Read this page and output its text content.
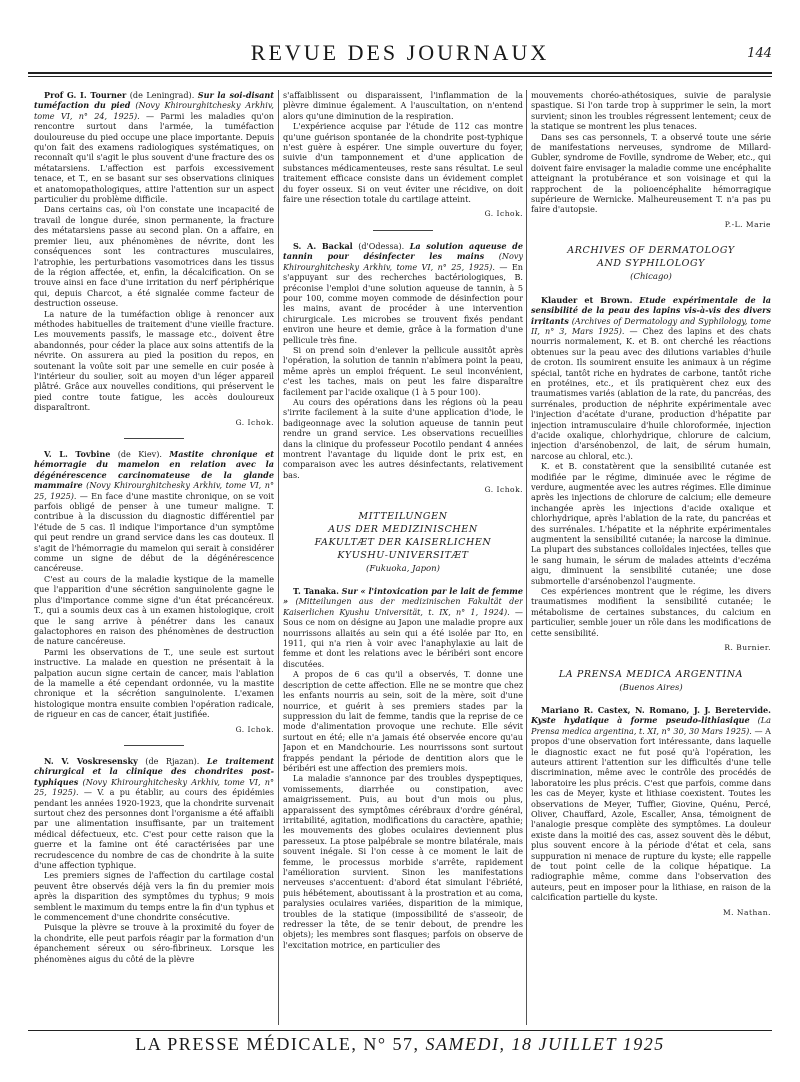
REVUE DES JOURNAUX	144

Prof G. I. Tourner (de Leningrad). Sur la soi-disant tuméfaction du pied (Novy Khirourghitchesky Arkhiv, tome VI, n° 24, 1925). — Parmi les maladies qu'on rencontre surtout dans l'armée, la tuméfaction douloureuse du pied occupe une place importante. Depuis qu'on fait des examens radiologiques systématiques, on reconnaît qu'il s'agit le plus souvent d'une fracture des os métatarsiens. L'affection est parfois excessivement tenace, et T., en se basant sur ses observations cliniques et anatomopathologiques, attire l'attention sur un aspect particulier du problème difficile.

Dans certains cas, où l'on constate une incapacité de travail de longue durée, sinon permanente, la fracture des métatarsiens passe au second plan. On a affaire, en premier lieu, aux phénomènes de névrite, dont les conséquences sont les contractures musculaires, l'atrophie, les perturbations vasomotrices dans les tissus de la région affectée, et, enfin, la décalcification. On se trouve ainsi en face d'une irritation du nerf périphérique qui, depuis Charcot, a été signalée comme facteur de destruction osseuse.

La nature de la tuméfaction oblige à renoncer aux méthodes habituelles de traitement d'une vieille fracture. Les mouvements passifs, le massage etc., doivent être abandonnés, pour céder la place aux soins attentifs de la névrite. On assurera au pied la position du repos, en soutenant la voûte soit par une semelle en cuir posée à l'intérieur du soulier, soit au moyen d'un léger appareil plâtré. Grâce aux nouvelles conditions, qui préservent le pied contre toute fatigue, les accès douloureux disparaîtront.

G. Ichok.

V. L. Tovbine (de Kiev). Mastite chronique et hémorragie du mamelon en relation avec la dégénérescence carcinomateuse de la glande mammaire (Novy Khirourghitchesky Arkhiv, tome VI, n° 25, 1925). — En face d'une mastite chronique, on se voit parfois obligé de penser à une tumeur maligne. T. contribue à la discussion du diagnostic différentiel par l'étude de 5 cas. Il indique l'importance d'un symptôme qui peut rendre un grand service dans les cas douteux. Il s'agit de l'hémorragie du mamelon qui serait à considérer comme un signe de début de la dégénérescence cancéreuse.

C'est au cours de la maladie kystique de la mamelle que l'apparition d'une sécrétion sanguinolente gagne le plus d'importance comme signe d'un état précancéreux. T., qui a soumis deux cas à un examen histologique, croit que le sang arrive à pénétrer dans les canaux galactophores en raison des phénomènes de destruction de nature cancéreuse.

Parmi les observations de T., une seule est surtout instructive. La malade en question ne présentait à la palpation aucun signe certain de cancer, mais l'ablation de la mamelle a été cependant ordonnée, vu la mastite chronique et la sécrétion sanguinolente. L'examen histologique montra ensuite combien l'opération radicale, de rigueur en cas de cancer, était justifiée.

G. Ichok.

N. V. Voskresensky (de Rjazan). Le traitement chirurgical et la clinique des chondrites post-typhiques (Novy Khirourghitchesky Arkhiv, tome VI, n° 25, 1925). — V. a pu établir, au cours des épidémies pendant les années 1920-1923, que la chondrite survenait surtout chez des personnes dont l'organisme a été affaibli par une alimentation insuffisante, par un traitement médical défectueux, etc. C'est pour cette raison que la guerre et la famine ont été caractérisées par une recrudescence du nombre de cas de chondrite à la suite d'une affection typhique.

Les premiers signes de l'affection du cartilage costal peuvent être observés déjà vers la fin du premier mois après la disparition des symptômes du typhus; 9 mois semblent le maximum du temps entre la fin d'un typhus et le commencement d'une chondrite consécutive.

Puisque la plèvre se trouve à la proximité du foyer de la chondrite, elle peut parfois réagir par la formation d'un épanchement séreux ou séro-fibrineux. Lorsque les phénomènes aigus du côté de la plèvre

s'affaiblissent ou disparaissent, l'inflammation de la plèvre diminue également. A l'auscultation, on n'entend alors qu'une diminution de la respiration.

L'expérience acquise par l'étude de 112 cas montre qu'une guérison spontanée de la chondrite post-typhique n'est guère à espérer. Une simple ouverture du foyer, suivie d'un tamponnement et d'une application de substances médicamenteuses, reste sans résultat. Le seul traitement efficace consiste dans un évidement complet du foyer osseux. Si on veut éviter une récidive, on doit faire une résection totale du cartilage atteint.

G. Ichok.

S. A. Backal (d'Odessa). La solution aqueuse de tannin pour désinfecter les mains (Novy Khirourghitchesky Arkhiv, tome VI, n° 25, 1925). — En s'appuyant sur des recherches bactériologiques, B. préconise l'emploi d'une solution aqueuse de tannin, à 5 pour 100, comme moyen commode de désinfection pour les mains, avant de procéder à une intervention chirurgicale. Les microbes se trouvent fixés pendant environ une heure et demie, grâce à la formation d'une pellicule très fine.

Si on prend soin d'enlever la pellicule aussitôt après l'opération, la solution de tannin n'abîmera point la peau, même après un emploi fréquent. Le seul inconvénient, c'est les taches, mais on peut les faire disparaître facilement par l'acide oxalique (1 à 5 pour 100).

Au cours des opérations dans les régions où la peau s'irrite facilement à la suite d'une application d'iode, le badigeonnage avec la solution aqueuse de tannin peut rendre un grand service. Les observations recueillies dans la clinique du professeur Pocotilo pendant 4 années montrent l'avantage du liquide dont le prix est, en comparaison avec les autres désinfectants, relativement bas.

G. Ichok.

MITTEILUNGEN
AUS DER MEDIZINISCHEN
FAKULTÆT DER KAISERLICHEN
KYUSHU-UNIVERSITÆT
(Fukuoka, Japon)

T. Tanaka. Sur « l'intoxication par le lait de femme » (Mitteilungen aus der medizinischen Fakultät der Kaiserlichen Kyushu Universität, t. IX, n° 1, 1924). — Sous ce nom on désigne au Japon une maladie propre aux nourrissons allaités au sein qui a été isolée par Ito, en 1911, qui n'a rien à voir avec l'anaphylaxie au lait de femme et dont les relations avec le béribéri sont encore discutées.

A propos de 6 cas qu'il a observés, T. donne une description de cette affection. Elle ne se montre que chez les enfants nourris au sein, soit de la mère, soit d'une nourrice, et guérit à ses premiers stades par la suppression du lait de femme, tandis que la reprise de ce mode d'alimentation provoque une rechute. Elle sévit surtout en été; elle n'a jamais été observée encore qu'au Japon et en Mandchourie. Les nourrissons sont surtout frappés pendant la période de dentition alors que le béribéri est une affection des premiers mois.

La maladie s'annonce par des troubles dyspeptiques, vomissements, diarrhée ou constipation, avec amaigrissement. Puis, au bout d'un mois ou plus, apparaissent des symptômes cérébraux d'ordre général, irritabilité, agitation, modifications du caractère, apathie; les mouvements des globes oculaires deviennent plus paresseux. La ptose palpébrale se montre bilatérale, mais souvent inégale. Si l'on cesse à ce moment le lait de femme, le processus morbide s'arrête, rapidement l'amélioration survient. Sinon les manifestations nerveuses s'accentuent: d'abord état simulant l'ébriété, puis hébétement, aboutissant à la prostration et au coma, paralysies oculaires variées, disparition de la mimique, troubles de la statique (impossibilité de s'asseoir, de redresser la tête, de se tenir debout, de prendre les objets); les membres sont flasques; parfois on observe de l'excitation motrice, en particulier des

mouvements choréo-athétosiques, suivie de paralysie spastique. Si l'on tarde trop à supprimer le sein, la mort survient; sinon les troubles régressent lentement; ceux de la statique se montrent les plus tenaces.

Dans ses cas personnels, T. a observé toute une série de manifestations nerveuses, syndrome de Millard-Gubler, syndrome de Foville, syndrome de Weber, etc., qui doivent faire envisager la maladie comme une encéphalite atteignant la protubérance et son voisinage et qui la rapprochent de la polioencéphalite hémorragique supérieure de Wernicke. Malheureusement T. n'a pas pu faire d'autopsie.

P.-L. Marie

ARCHIVES OF DERMATOLOGY
AND SYPHILOLOGY
(Chicago)

Klauder et Brown. Etude expérimentale de la sensibilité de la peau des lapins vis-à-vis des divers irritants (Archives of Dermatology and Syphilology, tome II, n° 3, Mars 1925). — Chez des lapins et des chats nourris normalement, K. et B. ont cherché les réactions obtenues sur la peau avec des dilutions variables d'huile de croton. Ils soumirent ensuite les animaux à un régime spécial, tantôt riche en hydrates de carbone, tantôt riche en protéines, etc., et ils pratiquèrent chez eux des traumatismes variés (ablation de la rate, du pancréas, des surrénales, production de néphrite expérimentale avec l'injection d'acétate d'urane, production d'hépatite par injection intramusculaire d'huile chloroformée, injection d'acide oxalique, chlorhydrique, chlorure de calcium, injection d'arsénobenzol, de lait, de sérum humain, narcose au chloral, etc.).

K. et B. constatèrent que la sensibilité cutanée est modifiée par le régime, diminuée avec le régime de verdure, augmentée avec les autres régimes. Elle diminue après les injections de chlorure de calcium; elle demeure inchangée après les injections d'acide oxalique et chlorhydrique, après l'ablation de la rate, du pancréas et des surrénales. L'hépatite et la néphrite expérimentales augmentent la sensibilité cutanée; la narcose la diminue. La plupart des substances colloïdales injectées, telles que le sang humain, le sérum de malades atteints d'eczéma aigu, diminuent la sensibilité cutanée; une dose submortelle d'arsénobenzol l'augmente.

Ces expériences montrent que le régime, les divers traumatismes modifient la sensibilité cutanée; le métabolisme de certaines substances, du calcium en particulier, semble jouer un rôle dans les modifications de cette sensibilité.

R. Burnier.

LA PRENSA MEDICA ARGENTINA
(Buenos Aires)

Mariano R. Castex, N. Romano, J. J. Beretervide. Kyste hydatique à forme pseudo-lithiasique (La Prensa medica argentina, t. XI, n° 30, 30 Mars 1925). — A propos d'une observation fort intéressante, dans laquelle le diagnostic exact ne fut posé qu'à l'opération, les auteurs attirent l'attention sur les difficultés d'une telle discrimination, même avec le contrôle des procédés de laboratoire les plus précis. C'est que parfois, comme dans les cas de Meyer, kyste et lithiase coexistent. Toutes les observations de Meyer, Tuffier, Giovine, Quénu, Percé, Oliver, Chauffard, Azole, Escaller, Ansa, témoignent de l'analogie presque complète des symptômes. La douleur existe dans la moitié des cas, assez souvent dès le début, plus souvent encore à la période d'état et cela, sans suppuration ni menace de rupture du kyste; elle rappelle de tout point celle de la colique hépatique. La radiographie même, comme dans l'observation des auteurs, peut en imposer pour la lithiase, en raison de la calcification partielle du kyste.

M. Nathan.

LA PRESSE MÉDICALE, N° 57, SAMEDI, 18 JUILLET 1925
